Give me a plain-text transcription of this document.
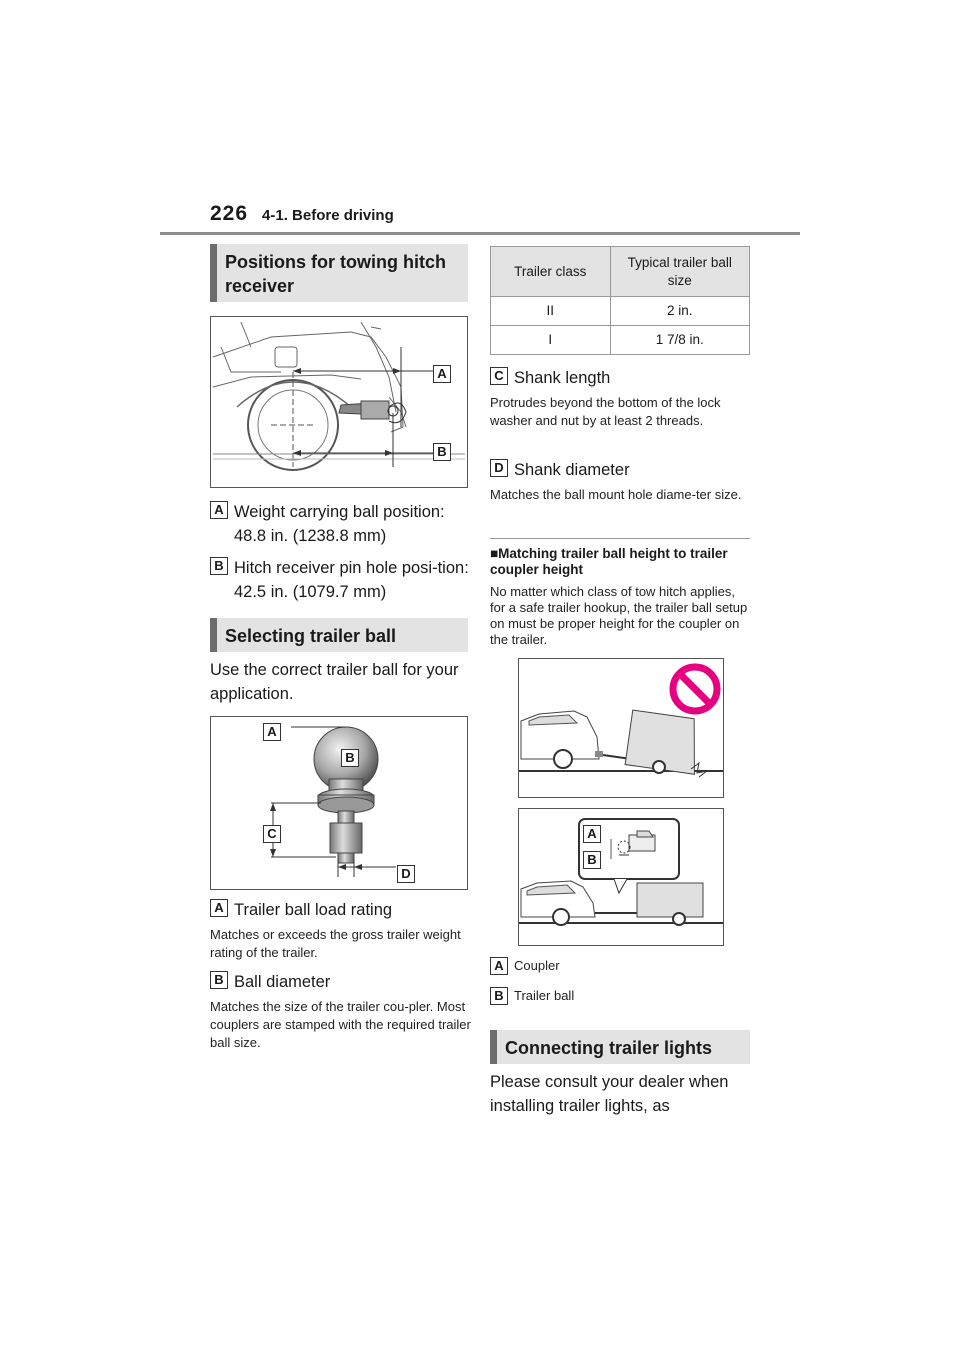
226 4-1. Before driving
Positions for towing hitch receiver
A
B
A Weight carrying ball position: 48.8 in. (1238.8 mm)
B Hitch receiver pin hole posi-tion: 42.5 in. (1079.7 mm)
Selecting trailer ball
Use the correct trailer ball for your application.
A
B
C
D
A Trailer ball load rating
Matches or exceeds the gross trailer weight rating of the trailer.
B Ball diameter
Matches the size of the trailer cou-pler. Most couplers are stamped with the required trailer ball size.
Trailer class	Typical trailer ball size
II	2 in.
I	1 7/8 in.
C Shank length
Protrudes beyond the bottom of the lock washer and nut by at least 2 threads.
D Shank diameter
Matches the ball mount hole diame-ter size.
■Matching trailer ball height to trailer coupler height
No matter which class of tow hitch applies, for a safe trailer hookup, the trailer ball setup on must be proper height for the coupler on the trailer.
A
B
A Coupler
B Trailer ball
Connecting trailer lights
Please consult your dealer when installing trailer lights, as
